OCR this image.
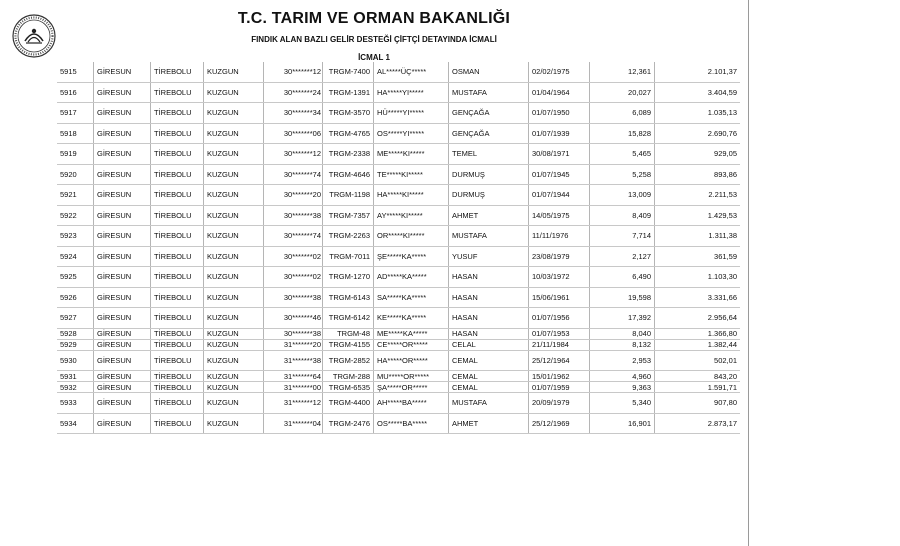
T.C. TARIM VE ORMAN BAKANLIĞI
FINDIK ALAN BAZLI GELİR DESTEĞİ ÇİFTÇİ DETAYINDA İCMALİ
İCMAL 1
5915	GİRESUN	TİREBOLU	KUZGUN	30*******12	TRGM-7400	AL*****ÜÇ*****	OSMAN	02/02/1975	12,361	2.101,37
5916	GİRESUN	TİREBOLU	KUZGUN	30*******24	TRGM-1391	HA*****YI*****	MUSTAFA	01/04/1964	20,027	3.404,59
5917	GİRESUN	TİREBOLU	KUZGUN	30*******34	TRGM-3570	HÜ*****YI*****	GENÇAĞA	01/07/1950	6,089	1.035,13
5918	GİRESUN	TİREBOLU	KUZGUN	30*******06	TRGM-4765	OS*****YI*****	GENÇAĞA	01/07/1939	15,828	2.690,76
5919	GİRESUN	TİREBOLU	KUZGUN	30*******12	TRGM-2338	ME*****KI*****	TEMEL	30/08/1971	5,465	929,05
5920	GİRESUN	TİREBOLU	KUZGUN	30*******74	TRGM-4646	TE*****KI*****	DURMUŞ	01/07/1945	5,258	893,86
5921	GİRESUN	TİREBOLU	KUZGUN	30*******20	TRGM-1198	HA*****KI*****	DURMUŞ	01/07/1944	13,009	2.211,53
5922	GİRESUN	TİREBOLU	KUZGUN	30*******38	TRGM-7357	AY*****KI*****	AHMET	14/05/1975	8,409	1.429,53
5923	GİRESUN	TİREBOLU	KUZGUN	30*******74	TRGM-2263	OR*****KI*****	MUSTAFA	11/11/1976	7,714	1.311,38
5924	GİRESUN	TİREBOLU	KUZGUN	30*******02	TRGM-7011	ŞE*****KA*****	YUSUF	23/08/1979	2,127	361,59
5925	GİRESUN	TİREBOLU	KUZGUN	30*******02	TRGM-1270	AD*****KA*****	HASAN	10/03/1972	6,490	1.103,30
5926	GİRESUN	TİREBOLU	KUZGUN	30*******38	TRGM-6143	SA*****KA*****	HASAN	15/06/1961	19,598	3.331,66
5927	GİRESUN	TİREBOLU	KUZGUN	30*******46	TRGM-6142	KE*****KA*****	HASAN	01/07/1956	17,392	2.956,64
5928	GİRESUN	TİREBOLU	KUZGUN	30*******38	TRGM-48	ME*****KA*****	HASAN	01/07/1953	8,040	1.366,80
5929	GİRESUN	TİREBOLU	KUZGUN	31*******20	TRGM-4155	CE*****OR*****	CELAL	21/11/1984	8,132	1.382,44
5930	GİRESUN	TİREBOLU	KUZGUN	31*******38	TRGM-2852	HA*****OR*****	CEMAL	25/12/1964	2,953	502,01
5931	GİRESUN	TİREBOLU	KUZGUN	31*******64	TRGM-288	MU*****OR*****	CEMAL	15/01/1962	4,960	843,20
5932	GİRESUN	TİREBOLU	KUZGUN	31*******00	TRGM-6535	ŞA*****OR*****	CEMAL	01/07/1959	9,363	1.591,71
5933	GİRESUN	TİREBOLU	KUZGUN	31*******12	TRGM-4400	AH*****BA*****	MUSTAFA	20/09/1979	5,340	907,80
5934	GİRESUN	TİREBOLU	KUZGUN	31*******04	TRGM-2476	OS*****BA*****	AHMET	25/12/1969	16,901	2.873,17
